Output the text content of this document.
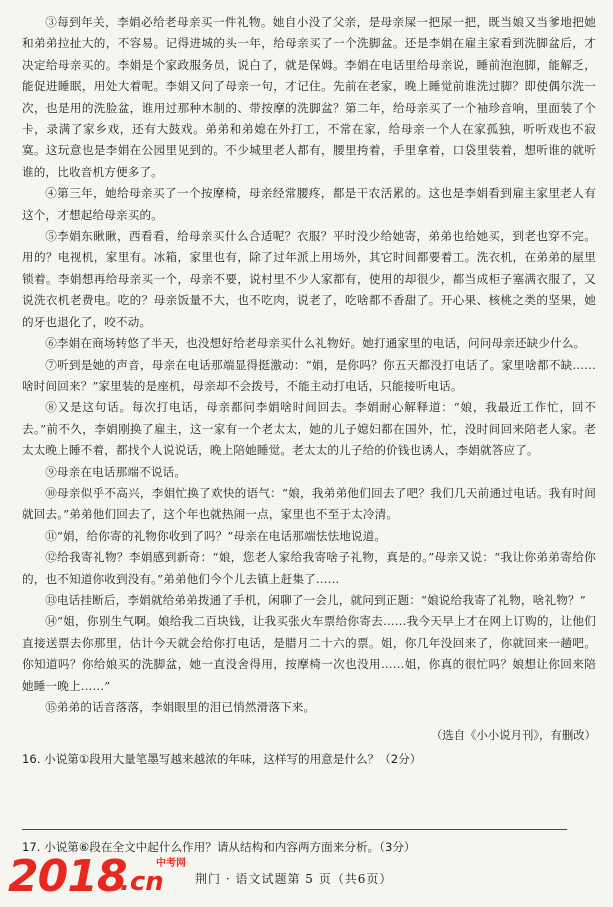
③每到年关，李娟必给老母亲买一件礼物。她自小没了父亲，是母亲屎一把尿一把，既当娘又当爹地把她和弟弟拉扯大的，不容易。记得进城的头一年，给母亲买了一个洗脚盆。还是李娟在雇主家看到洗脚盆后，才决定给母亲买的。李娟是个家政服务员，说白了，就是保姆。李娟在电话里给母亲说，睡前泡泡脚，能解乏，能促进睡眠，用处大着呢。李娟又问了母亲一句，才记住。先前在老家，晚上睡觉前谁洗过脚？即使偶尔洗一次，也是用的洗脸盆，谁用过那种木制的、带按摩的洗脚盆？第二年，给母亲买了一个袖珍音响，里面装了个卡，录满了家乡戏，还有大鼓戏。弟弟和弟媳在外打工，不常在家，给母亲一个人在家孤独，听听戏也不寂寞。这玩意也是李娟在公园里见到的。不少城里老人都有，腰里挎着，手里拿着，口袋里装着，想听谁的就听谁的，比收音机方便多了。

④第三年，她给母亲买了一个按摩椅，母亲经常腰疼，都是干农活累的。这也是李娟看到雇主家里老人有这个，才想起给母亲买的。

⑤李娟东瞅瞅，西看看，给母亲买什么合适呢？衣服？平时没少给她寄，弟弟也给她买，到老也穿不完。用的？电视机，家里有。冰箱，家里也有，除了过年派上用场外，其它时间都要着工。洗衣机，在弟弟的屋里锁着。李娟想再给母亲买一个，母亲不要，说村里不少人家都有，使用的却很少，都当成柜子塞满衣服了，又说洗衣机老费电。吃的？母亲饭量不大，也不吃肉，说老了，吃啥都不香甜了。开心果、核桃之类的坚果，她的牙也退化了，咬不动。

⑥李娟在商场转悠了半天，也没想好给老母亲买什么礼物好。她打通家里的电话，问问母亲还缺少什么。

⑦听到是她的声音，母亲在电话那端显得挺激动：“娟，是你吗？你五天都没打电话了。家里啥都不缺……啥时间回来？”家里装的是座机，母亲却不会拨号，不能主动打电话，只能接听电话。

⑧又是这句话。每次打电话，母亲都问李娟啥时间回去。李娟耐心解释道：“娘，我最近工作忙，回不去。”前不久，李娟刚换了雇主，这一家有一个老太太，她的儿子媳妇都在国外，忙，没时间回来陪老人家。老太太晚上睡不着，都找个人说说话，晚上陪她睡觉。老太太的儿子给的价钱也诱人，李娟就答应了。

⑨母亲在电话那端不说话。

⑩母亲似乎不高兴，李娟忙换了欢快的语气：“娘，我弟弟他们回去了吧？我们几天前通过电话。我有时间就回去。”弟弟他们回去了，这个年也就热闹一点，家里也不至于太冷清。

⑪“娟，给你寄的礼物你收到了吗？”母亲在电话那端怯怯地说道。

⑫给我寄礼物？李娟感到新奇：“娘，您老人家给我寄啥子礼物，真是的。”母亲又说：“我让你弟弟寄给你的，也不知道你收到没有。”弟弟他们今个儿去镇上赶集了……

⑬电话挂断后，李娟就给弟弟拨通了手机，闲聊了一会儿，就问到正题：“娘说给我寄了礼物，啥礼物？”

⑭“姐，你别生气啊。娘给我二百块钱，让我买张火车票给你寄去……我今天早上才在网上订购的，让他们直接送票去你那里，估计今天就会给你打电话，是腊月二十六的票。姐，你几年没回来了，你就回来一趟吧。你知道吗？你给娘买的洗脚盆，她一直没舍得用，按摩椅一次也没用……姐，你真的很忙吗？娘想让你回来陪她睡一晚上……”

⑮弟弟的话音落落，李娟眼里的泪已悄然滑落下来。

（选自《小小说月刊》，有删改）

16. 小说第①段用大量笔墨写越来越浓的年味，这样写的用意是什么？（2分）

17. 小说第⑥段在全文中起什么作用？请从结构和内容两方面来分析。（3分）

2018	中考网
.cn	荆门 · 语文试题第 5 页（共6页）
